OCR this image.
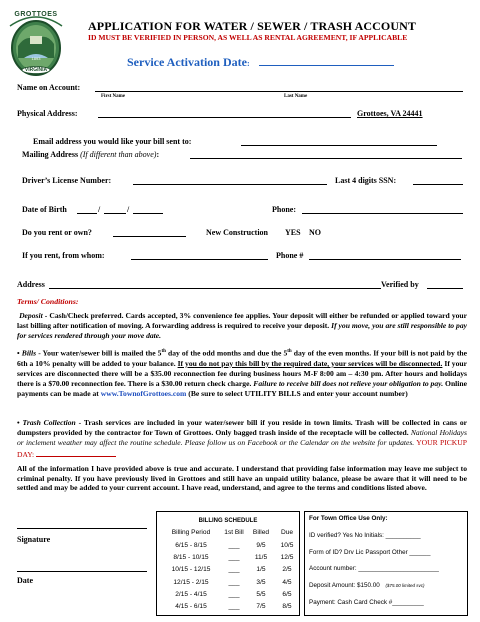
GROTTOES
1893
VIRGINIA
APPLICATION FOR WATER / SEWER / TRASH ACCOUNT
ID MUST BE VERIFIED IN PERSON, AS WELL AS RENTAL AGREEMENT, IF APPLICABLE
Service Activation Date:
Name on Account:
First Name	Last Name
Physical Address:	Grottoes, VA 24441
Email address you would like your bill sent to:
Mailing Address (If different than above):
Driver’s License Number:	Last 4 digits SSN:
Date of Birth	/	/	Phone:
Do you rent or own?	New Construction YES NO
If you rent, from whom:	Phone #
Address	Verified by
Terms/ Conditions:
Deposit - Cash/Check preferred. Cards accepted, 3% convenience fee applies. Your deposit will either be refunded or applied toward your last billing after notification of moving. A forwarding address is required to receive your deposit. If you move, you are still responsible to pay for services rendered through your move date.
• Bills - Your water/sewer bill is mailed the 5th day of the odd months and due the 5th day of the even months. If your bill is not paid by the 6th a 10% penalty will be added to your balance. If you do not pay this bill by the required date, your services will be disconnected. If your services are disconnected there will be a $35.00 reconnection fee during business hours M-F 8:00 am – 4:30 pm. After hours and holidays there is a $70.00 reconnection fee. There is a $30.00 return check charge. Failure to receive bill does not relieve your obligation to pay. Online payments can be made at www.TownofGrottoes.com (Be sure to select UTILITY BILLS and enter your account number)
• Trash Collection - Trash services are included in your water/sewer bill if you reside in town limits. Trash will be collected in cans or dumpsters provided by the contractor for Town of Grottoes. Only bagged trash inside of the receptacle will be collected. National Holidays or inclement weather may affect the routine schedule. Please follow us on Facebook or the Calendar on the website for updates. YOUR PICKUP DAY:
All of the information I have provided above is true and accurate. I understand that providing false information may leave me subject to criminal penalty. If you have previously lived in Grottoes and still have an unpaid utility balance, please be aware that it will need to be settled and may be added to your current account. I have read, understand, and agree to the terms and conditions listed above.
Signature
Date
BILLING SCHEDULE
Billing Period	1st Bill	Billed	Due
6/15 - 8/15	___	9/5	10/5
8/15 - 10/15	___	11/5	12/5
10/15 - 12/15	___	1/5	2/5
12/15 - 2/15	___	3/5	4/5
2/15 - 4/15	___	5/5	6/5
4/15 - 6/15	___	7/5	8/5
For Town Office Use Only:
ID verified? Yes No Initials: __________
Form of ID? Drv Lic Passport Other ______
Account number: _______________________
Deposit Amount: $150.00 ($75.00 limited svc)
Payment: Cash Card Check #_________
